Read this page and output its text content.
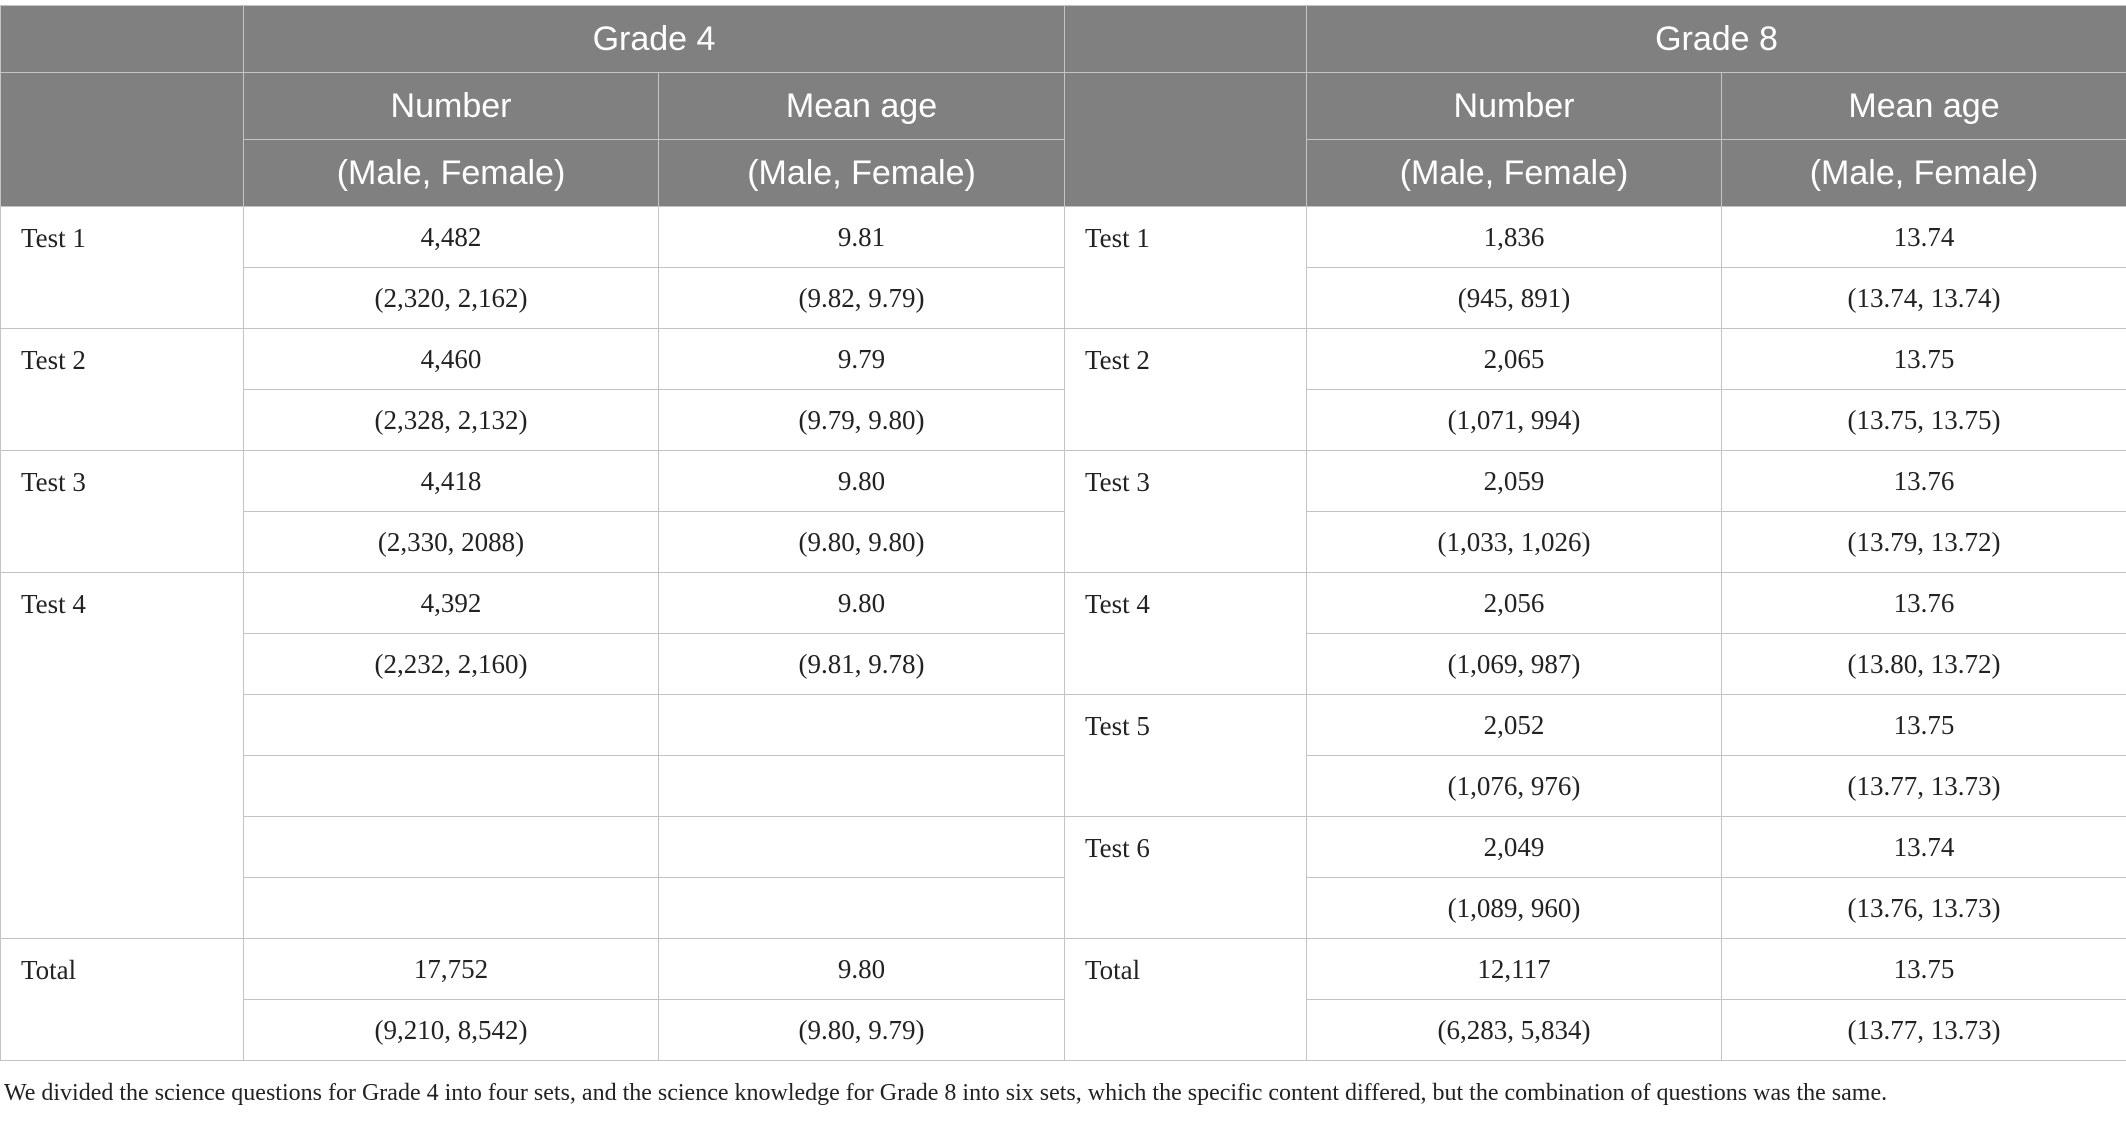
	Grade 4			Grade 8	
	Number	Mean age		Number	Mean age
	(Male, Female)	(Male, Female)		(Male, Female)	(Male, Female)
Test 1	4,482	9.81	Test 1	1,836	13.74
	(2,320, 2,162)	(9.82, 9.79)		(945, 891)	(13.74, 13.74)
Test 2	4,460	9.79	Test 2	2,065	13.75
	(2,328, 2,132)	(9.79, 9.80)		(1,071, 994)	(13.75, 13.75)
Test 3	4,418	9.80	Test 3	2,059	13.76
	(2,330, 2088)	(9.80, 9.80)		(1,033, 1,026)	(13.79, 13.72)
Test 4	4,392	9.80	Test 4	2,056	13.76
	(2,232, 2,160)	(9.81, 9.78)		(1,069, 987)	(13.80, 13.72)
			Test 5	2,052	13.75
				(1,076, 976)	(13.77, 13.73)
			Test 6	2,049	13.74
				(1,089, 960)	(13.76, 13.73)
Total	17,752	9.80	Total	12,117	13.75
	(9,210, 8,542)	(9.80, 9.79)		(6,283, 5,834)	(13.77, 13.73)
We divided the science questions for Grade 4 into four sets, and the science knowledge for Grade 8 into six sets, which the specific content differed, but the combination of questions was the same.
